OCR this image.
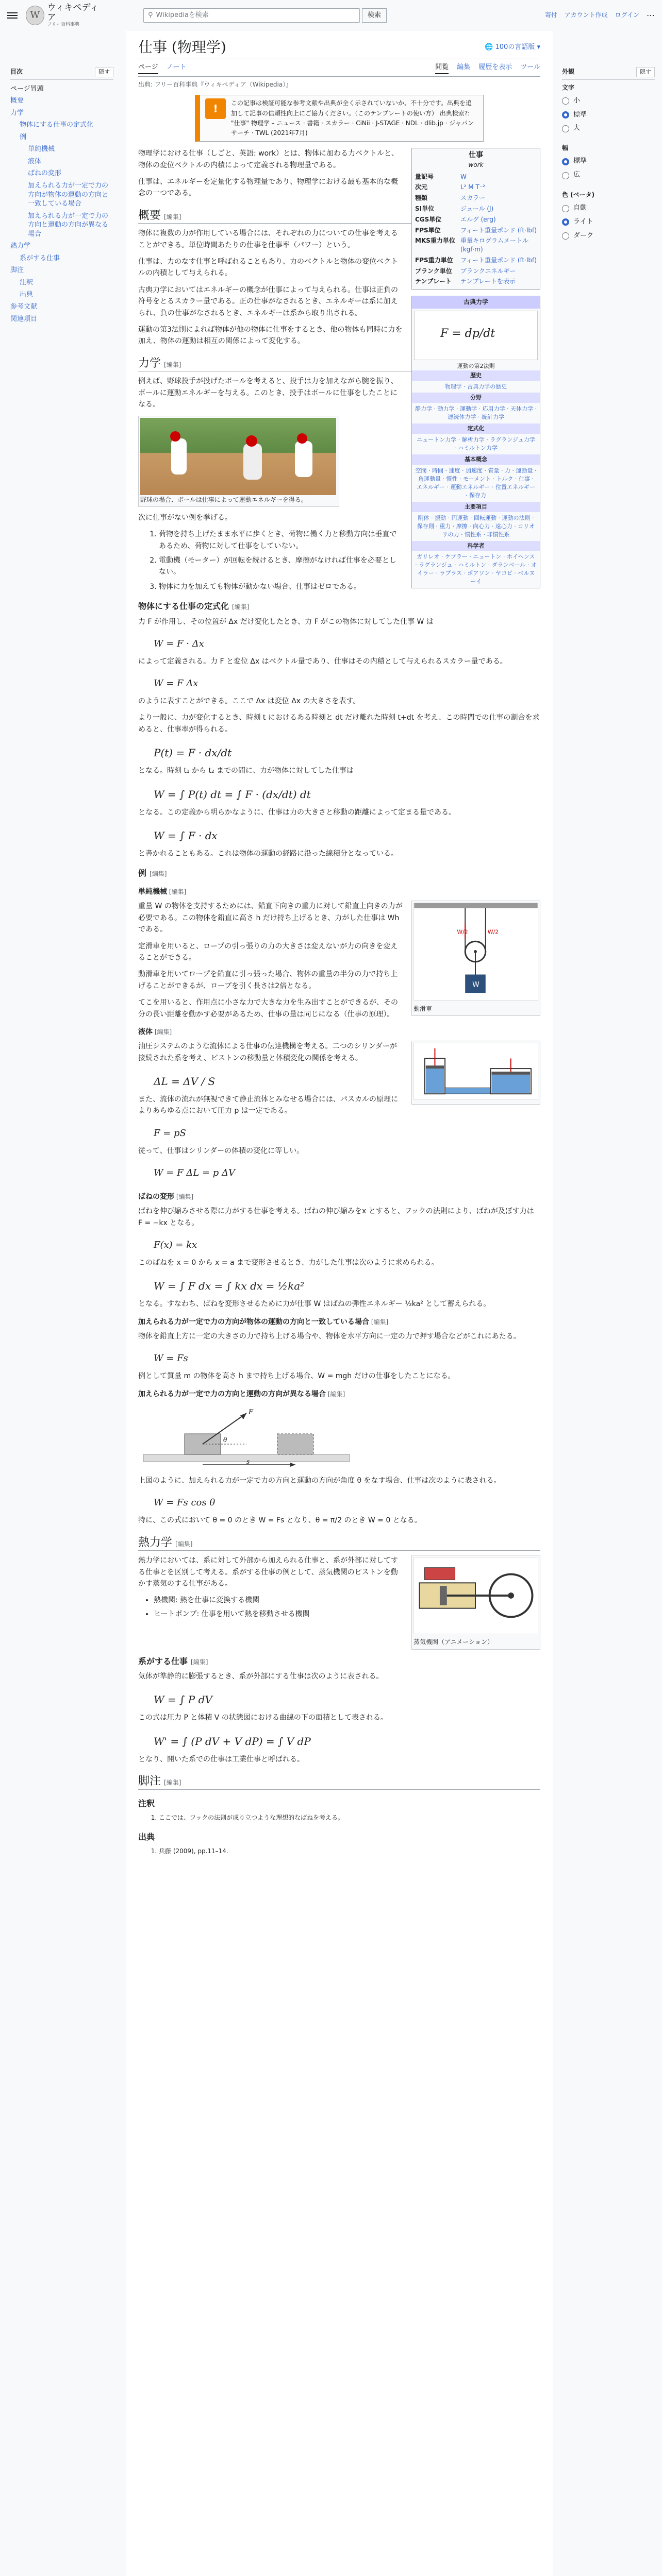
W
ウィキペディア
フリー百科事典
⚲ Wikipediaを検索	検索	寄付 アカウント作成 ログイン ⋯
目次	隠す
ページ冒頭
概要
力学
物体にする仕事の定式化
例
単純機械
液体
ばねの変形
加えられる力が一定で力の方向が物体の運動の方向と一致している場合
加えられる力が一定で力の方向と運動の方向が異なる場合
熱力学
系がする仕事
脚注
注釈
出典
参考文献
関連項目
仕事 (物理学)	🌐 100の言語版 ▾
ページ ノート	閲覧 編集 履歴を表示 ツール
出典: フリー百科事典『ウィキペディア（Wikipedia）』
!	この記事は検証可能な参考文献や出典が全く示されていないか、不十分です。出典を追加して記事の信頼性向上にご協力ください。（このテンプレートの使い方） 出典検索?: "仕事" 物理学 – ニュース · 書籍 · スカラー · CiNii · J-STAGE · NDL · dlib.jp · ジャパンサーチ · TWL (2021年7月)
仕事
work
量記号	W
次元	L² M T⁻²
種類	スカラー
SI単位	ジュール (J)
CGS単位	エルグ (erg)
FPS単位	フィート重量ポンド (ft·lbf)
MKS重力単位	重量キログラムメートル (kgf·m)
FPS重力単位	フィート重量ポンド (ft·lbf)
プランク単位	プランクエネルギー
テンプレート	テンプレートを表示

物理学における仕事（しごと、英語: work）とは、物体に加わる力ベクトルと、物体の変位ベクトルの内積によって定義される物理量である。

仕事は、エネルギーを定量化する物理量であり、物理学における最も基本的な概念の一つである。

古典力学
F = dp/dt
運動の第2法則
歴史
物理学 · 古典力学の歴史
分野
静力学 · 動力学 · 運動学 · 応用力学 · 天体力学 · 連続体力学 · 統計力学
定式化
ニュートン力学 · 解析力学 · ラグランジュ力学 · ハミルトン力学
基本概念
空間 · 時間 · 速度 · 加速度 · 質量 · 力 · 運動量 · 角運動量 · 慣性 · モーメント · トルク · 仕事 · エネルギー · 運動エネルギー · 位置エネルギー · 保存力
主要項目
剛体 · 振動 · 円運動 · 回転運動 · 運動の法則 · 保存則 · 重力 · 摩擦 · 向心力 · 遠心力 · コリオリの力 · 慣性系 · 非慣性系
科学者
ガリレオ · ケプラー · ニュートン · ホイヘンス · ラグランジュ · ハミルトン · ダランベール · オイラー · ラプラス · ポアソン · ヤコビ · ベルヌーイ
概要 [編集]

物体に複数の力が作用している場合には、それぞれの力についての仕事を考えることができる。単位時間あたりの仕事を仕事率（パワー）という。

仕事は、力のなす仕事と呼ばれることもあり、力のベクトルと物体の変位ベクトルの内積として与えられる。

古典力学においてはエネルギーの概念が仕事によって与えられる。仕事は正負の符号をとるスカラー量である。正の仕事がなされるとき、エネルギーは系に加えられ、負の仕事がなされるとき、エネルギーは系から取り出される。

運動の第3法則によれば物体が他の物体に仕事をするとき、他の物体も同時に力を加え、物体の運動は相互の関係によって変化する。

力学 [編集]

例えば、野球投手が投げたボールを考えると、投手は力を加えながら腕を振り、ボールに運動エネルギーを与える。このとき、投手はボールに仕事をしたことになる。

野球の場合、ボールは仕事によって運動エネルギーを得る。

次に仕事がない例を挙げる。

1. 荷物を持ち上げたまま水平に歩くとき、荷物に働く力と移動方向は垂直であるため、荷物に対して仕事をしていない。
2. 電動機（モーター）が回転を続けるとき、摩擦がなければ仕事を必要としない。
3. 物体に力を加えても物体が動かない場合、仕事はゼロである。
物体にする仕事の定式化 [編集]

力 F が作用し、その位置が Δx だけ変化したとき、力 F がこの物体に対してした仕事 W は

W = F · Δx

によって定義される。力 F と変位 Δx はベクトル量であり、仕事はその内積として与えられるスカラー量である。

W = F Δx

のように表すことができる。ここで Δx は変位 Δx の大きさを表す。

より一般に、力が変化するとき、時刻 t におけるある時刻と dt だけ離れた時刻 t+dt を考え、この時間での仕事の割合を求めると、仕事率が得られる。

P(t) = F · dx/dt

となる。時刻 t₁ から t₂ までの間に、力が物体に対してした仕事は

W = ∫ P(t) dt = ∫ F · (dx/dt) dt

となる。この定義から明らかなように、仕事は力の大きさと移動の距離によって定まる量である。

W = ∫ F · dx

と書かれることもある。これは物体の運動の経路に沿った線積分となっている。

例 [編集]
単純機械 [編集]
W
W/2	W/2
動滑車

重量 W の物体を支持するためには、鉛直下向きの重力に対して鉛直上向きの力が必要である。この物体を鉛直に高さ h だけ持ち上げるとき、力がした仕事は Wh である。

定滑車を用いると、ロープの引っ張りの力の大きさは変えないが力の向きを変えることができる。

動滑車を用いてロープを鉛直に引っ張った場合、物体の重量の半分の力で持ち上げることができるが、ロープを引く長さは2倍となる。

てこを用いると、作用点に小さな力で大きな力を生み出すことができるが、その分の長い距離を動かす必要があるため、仕事の量は同じになる（仕事の原理）。

液体 [編集]

油圧システムのような流体による仕事の伝達機構を考える。二つのシリンダーが接続された系を考え、ピストンの移動量と体積変化の関係を考える。

ΔL = ΔV / S

また、流体の流れが無視できて静止流体とみなせる場合には、パスカルの原理によりあらゆる点において圧力 p は一定である。

F = pS

従って、仕事はシリンダーの体積の変化に等しい。

W = F ΔL = p ΔV
ばねの変形 [編集]

ばねを伸び縮みさせる際に力がする仕事を考える。ばねの伸び縮みをx とすると、フックの法則により、ばねが及ぼす力は F = −kx となる。

F(x) = kx

このばねを x = 0 から x = a まで変形させるとき、力がした仕事は次のように求められる。

W = ∫ F dx = ∫ kx dx = ½ka²

となる。すなわち、ばねを変形させるために力が仕事 W はばねの弾性エネルギー ½ka² として蓄えられる。

加えられる力が一定で力の方向が物体の運動の方向と一致している場合 [編集]

物体を鉛直上方に一定の大きさの力で持ち上げる場合や、物体を水平方向に一定の力で押す場合などがこれにあたる。

W = Fs

例として質量 m の物体を高さ h まで持ち上げる場合、W = mgh だけの仕事をしたことになる。

加えられる力が一定で力の方向と運動の方向が異なる場合 [編集]
F
θ
s

上図のように、加えられる力が一定で力の方向と運動の方向が角度 θ をなす場合、仕事は次のように表される。

W = Fs cos θ

特に、この式において θ = 0 のとき W = Fs となり、θ = π/2 のとき W = 0 となる。

熱力学 [編集]
蒸気機関（アニメーション）

熱力学においては、系に対して外部から加えられる仕事と、系が外部に対してする仕事とを区別して考える。系がする仕事の例として、蒸気機関のピストンを動かす蒸気のする仕事がある。

• 熱機関: 熱を仕事に変換する機関
• ヒートポンプ: 仕事を用いて熱を移動させる機関
系がする仕事 [編集]

気体が準静的に膨張するとき、系が外部にする仕事は次のように表される。

W = ∫ P dV

この式は圧力 P と体積 V の状態図における曲線の下の面積として表される。

W' = ∫ (P dV + V dP) = ∫ V dP

となり、開いた系での仕事は工業仕事と呼ばれる。

脚注 [編集]
注釈
1. ここでは、フックの法則が成り立つような理想的なばねを考える。
出典
1. 兵藤 (2009), pp.11–14.
外観	隠す
文字
小
標準
大
幅
標準
広
色 (ベータ)
自動
ライト
ダーク
